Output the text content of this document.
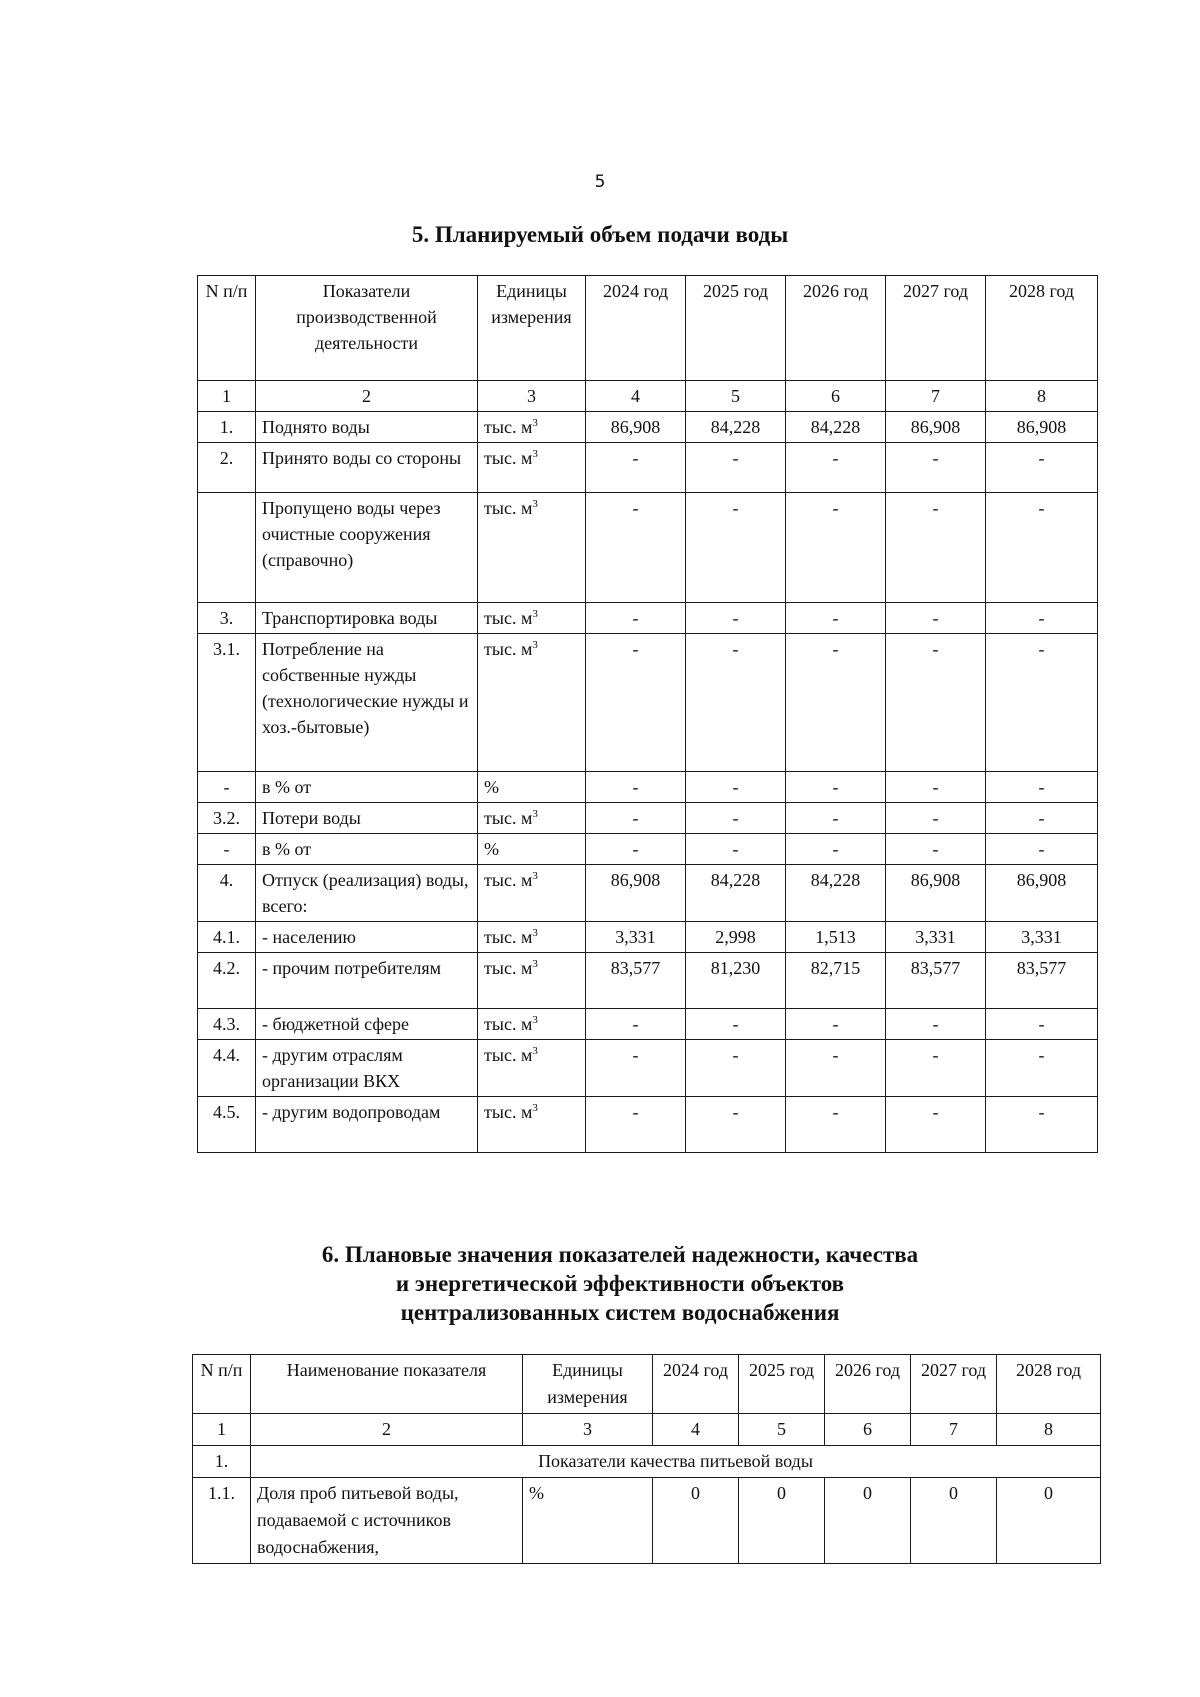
5
5. Планируемый объем подачи воды
N п/п	Показатели производственной деятельности	Единицы измерения	2024 год	2025 год	2026 год	2027 год	2028 год
1	2	3	4	5	6	7	8
1.	Поднято воды	тыс. $м^3$	86,908	84,228	84,228	86,908	86,908
2.	Принято воды со стороны	тыс. $м^3$	-	-	-	-	-
	Пропущено воды через очистные сооружения (справочно)	тыс. $м^3$	-	-	-	-	-
3.	Транспортировка воды	тыс. $м^3$	-	-	-	-	-
3.1.	Потребление на собственные нужды (технологические нужды и хоз.-бытовые)	тыс. $м^3$	-	-	-	-	-
-	в % от	%	-	-	-	-	-
3.2.	Потери воды	тыс. $м^3$	-	-	-	-	-
-	в % от	%	-	-	-	-	-
4.	Отпуск (реализация) воды, всего:	тыс. $м^3$	86,908	84,228	84,228	86,908	86,908
4.1.	- населению	тыс. $м^3$	3,331	2,998	1,513	3,331	3,331
4.2.	- прочим потребителям	тыс. $м^3$	83,577	81,230	82,715	83,577	83,577
4.3.	- бюджетной сфере	тыс. $м^3$	-	-	-	-	-
4.4.	- другим отраслям организации ВКХ	тыс. $м^3$	-	-	-	-	-
4.5.	- другим водопроводам	тыс. $м^3$	-	-	-	-	-
6. Плановые значения показателей надежности, качества
и энергетической эффективности объектов
централизованных систем водоснабжения
N п/п	Наименование показателя	Единицы измерения	2024 год	2025 год	2026 год	2027 год	2028 год
1	2	3	4	5	6	7	8
1.	Показатели качества питьевой воды						
1.1.	Доля проб питьевой воды, подаваемой с источников водоснабжения,	%	0	0	0	0	0
